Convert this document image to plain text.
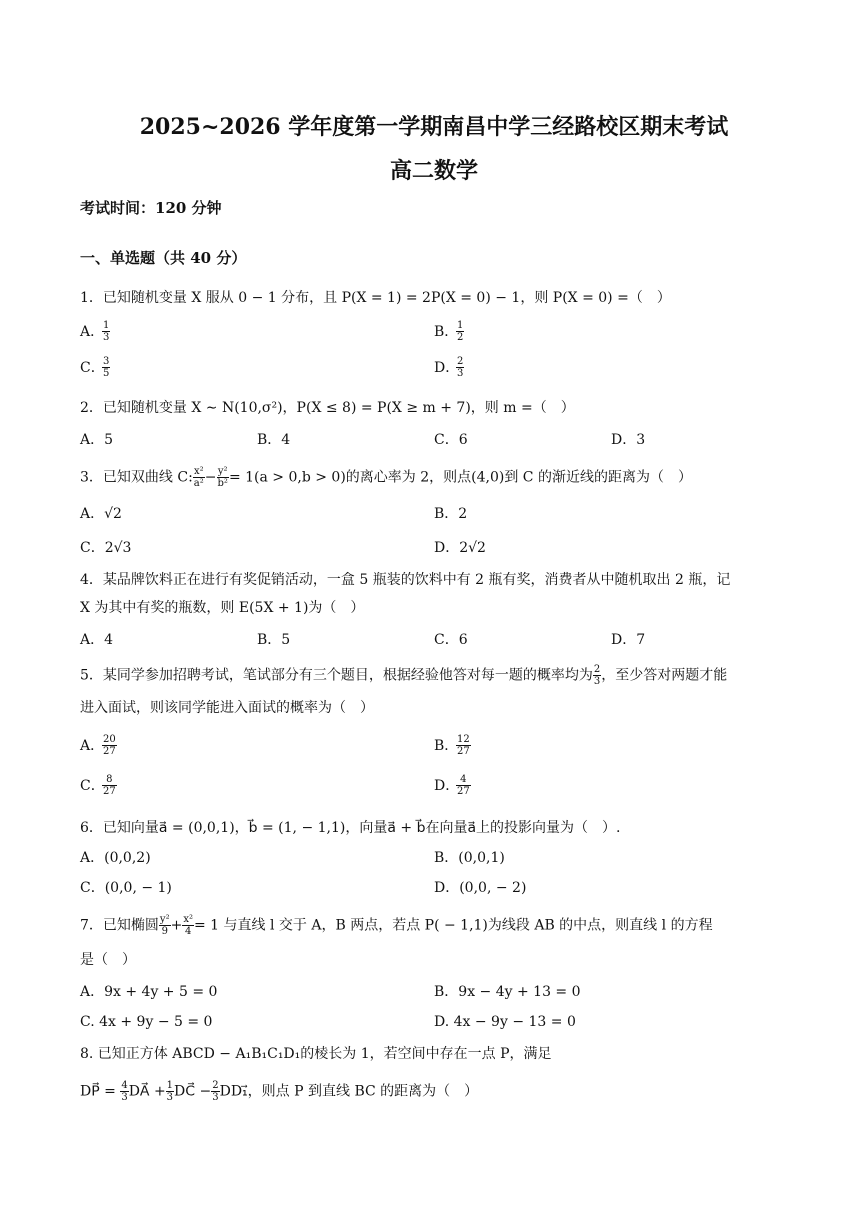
2025~2026 学年度第一学期南昌中学三经路校区期末考试
高二数学
考试时间：120 分钟
一、单选题（共 40 分）
1．已知随机变量 X 服从 0 − 1 分布，且 P(X = 1) = 2P(X = 0) − 1，则 P(X = 0) =（　）
A．
$\frac{1}{3}$	B．
$\frac{1}{2}$
C．
$\frac{3}{5}$	D．
$\frac{2}{3}$
2．已知随机变量 X ∼ N(10,σ²)，P(X ≤ 8) = P(X ≥ m + 7)，则 m =（　）
A．5	B．4	C．6	D．3
3．已知双曲线 C: $\frac{\text{x²}}{\text{a²}} - \frac{\text{y²}}{\text{b²}} = 1(a > 0,b > 0)$的离心率为 2，则点(4,0)到 C 的渐近线的距离为（　）
A．√2	B．2
C．2√3	D．2√2
4．某品牌饮料正在进行有奖促销活动，一盒 5 瓶装的饮料中有 2 瓶有奖，消费者从中随机取出 2 瓶，记
X 为其中有奖的瓶数，则 E(5X + 1)为（　）
A．4	B．5	C．6	D．7
5．某同学参加招聘考试，笔试部分有三个题目，根据经验他答对每一题的概率均为 $\frac{2}{3}$ ，至少答对两题才能
进入面试，则该同学能进入面试的概率为（　）
A．
$\frac{20}{27}$	B．
$\frac{12}{27}$
C．
$\frac{8}{27}$	D．
$\frac{4}{27}$
6．已知向量a⃗ = (0,0,1)，b⃗ = (1, − 1,1)，向量a⃗ + b⃗在向量a⃗上的投影向量为（　）.
A．(0,0,2)	B．(0,0,1)
C．(0,0, − 1)	D．(0,0, − 2)
7．已知椭圆 $\frac{\text{y²}}{9} + \frac{\text{x²}}{4} = 1$ 与直线 l 交于 A，B 两点，若点 P( − 1,1)为线段 AB 的中点，则直线 l 的方程
是（　）
A．9x + 4y + 5 = 0	B．9x − 4y + 13 = 0
C. 4x + 9y − 5 = 0	D. 4x − 9y − 13 = 0
8. 已知正方体 ABCD − A₁B₁C₁D₁的棱长为 1，若空间中存在一点 P，满足
DP⃗ = $\frac{4}{3}$ DA⃗ + $\frac{1}{3}$ DC⃗ − $\frac{2}{3}$ DD₁⃗，则点 P 到直线 BC 的距离为（　）
